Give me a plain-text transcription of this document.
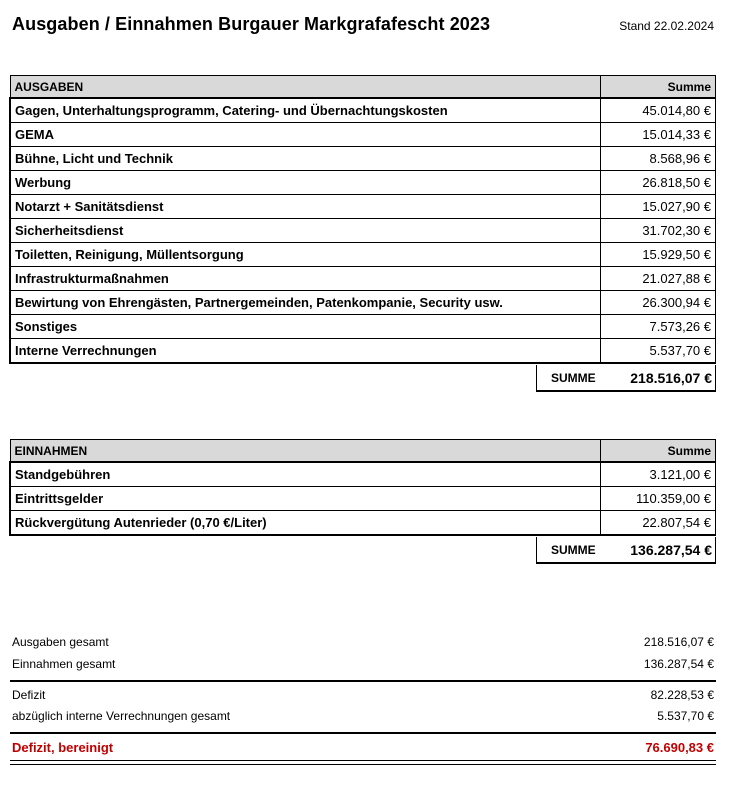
Ausgaben / Einnahmen Burgauer Markgrafafescht 2023	Stand 22.02.2024
AUSGABEN	Summe
Gagen, Unterhaltungsprogramm, Catering- und Übernachtungskosten	45.014,80 €
GEMA	15.014,33 €
Bühne, Licht und Technik	8.568,96 €
Werbung	26.818,50 €
Notarzt + Sanitätsdienst	15.027,90 €
Sicherheitsdienst	31.702,30 €
Toiletten, Reinigung, Müllentsorgung	15.929,50 €
Infrastrukturmaßnahmen	21.027,88 €
Bewirtung von Ehrengästen, Partnergemeinden, Patenkompanie, Security usw.	26.300,94 €
Sonstiges	7.573,26 €
Interne Verrechnungen	5.537,70 €
SUMME	218.516,07 €
EINNAHMEN	Summe
Standgebühren	3.121,00 €
Eintrittsgelder	110.359,00 €
Rückvergütung Autenrieder (0,70 €/Liter)	22.807,54 €
SUMME	136.287,54 €
Ausgaben gesamt	218.516,07 €
Einnahmen gesamt	136.287,54 €
Defizit	82.228,53 €
abzüglich interne Verrechnungen gesamt	5.537,70 €
Defizit, bereinigt	76.690,83 €
